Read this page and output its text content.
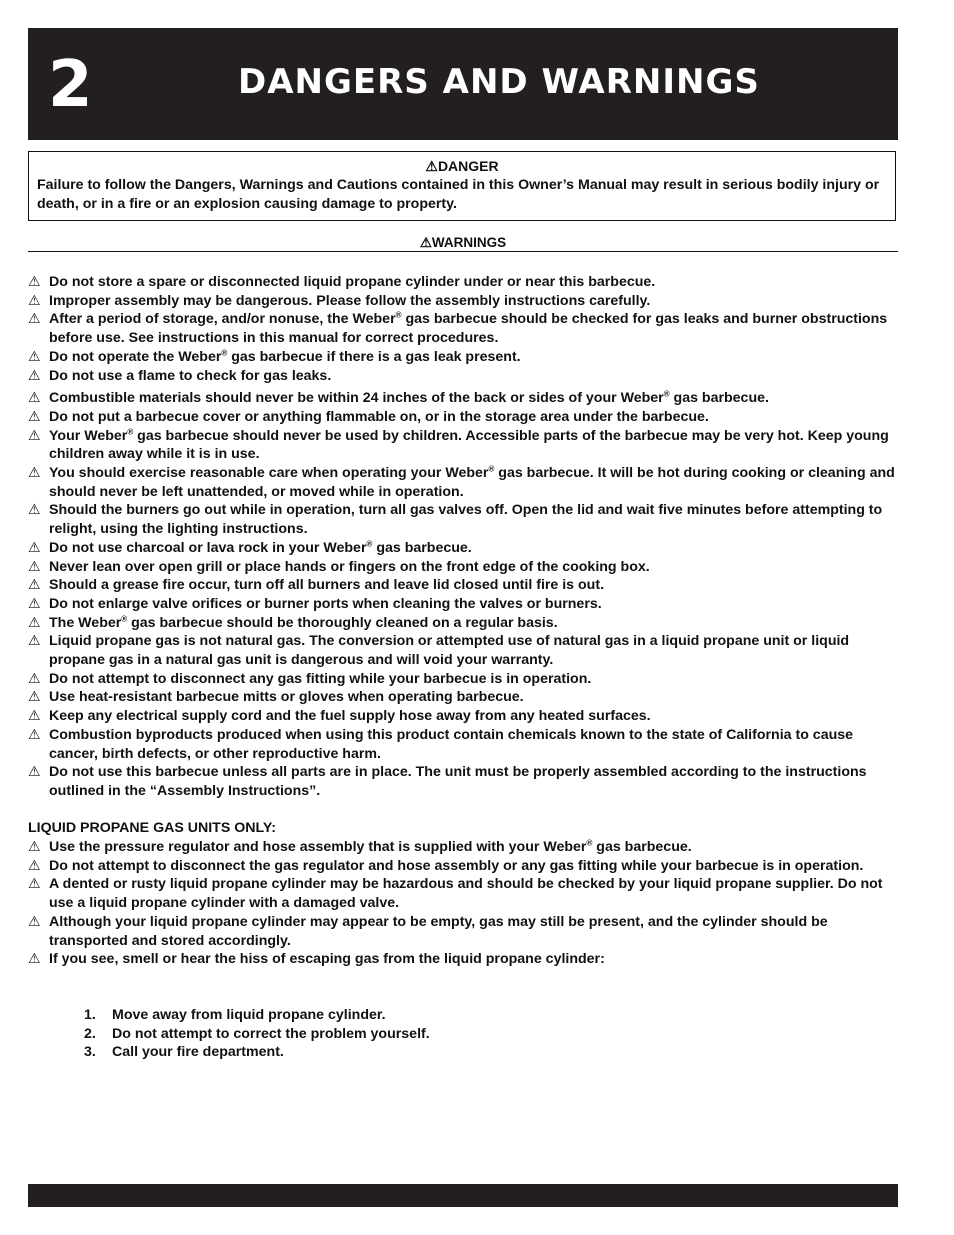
2	DANGERS AND WARNINGS
⚠DANGER
Failure to follow the Dangers, Warnings and Cautions contained in this Owner’s Manual may result in serious bodily injury or death, or in a fire or an explosion causing damage to property.
⚠WARNINGS
⚠ Do not store a spare or disconnected liquid propane cylinder under or near this barbecue.
⚠ Improper assembly may be dangerous. Please follow the assembly instructions carefully.
⚠ After a period of storage, and/or nonuse, the Weber® gas barbecue should be checked for gas leaks and burner obstructions before use. See instructions in this manual for correct procedures.
⚠ Do not operate the Weber® gas barbecue if there is a gas leak present.
⚠ Do not use a flame to check for gas leaks.
⚠ Combustible materials should never be within 24 inches of the back or sides of your Weber® gas barbecue.
⚠ Do not put a barbecue cover or anything flammable on, or in the storage area under the barbecue.
⚠ Your Weber® gas barbecue should never be used by children. Accessible parts of the barbecue may be very hot. Keep young children away while it is in use.
⚠ You should exercise reasonable care when operating your Weber® gas barbecue. It will be hot during cooking or cleaning and should never be left unattended, or moved while in operation.
⚠ Should the burners go out while in operation, turn all gas valves off. Open the lid and wait five minutes before attempting to relight, using the lighting instructions.
⚠ Do not use charcoal or lava rock in your Weber® gas barbecue.
⚠ Never lean over open grill or place hands or fingers on the front edge of the cooking box.
⚠ Should a grease fire occur, turn off all burners and leave lid closed until fire is out.
⚠ Do not enlarge valve orifices or burner ports when cleaning the valves or burners.
⚠ The Weber® gas barbecue should be thoroughly cleaned on a regular basis.
⚠ Liquid propane gas is not natural gas. The conversion or attempted use of natural gas in a liquid propane unit or liquid propane gas in a natural gas unit is dangerous and will void your warranty.
⚠ Do not attempt to disconnect any gas fitting while your barbecue is in operation.
⚠ Use heat-resistant barbecue mitts or gloves when operating barbecue.
⚠ Keep any electrical supply cord and the fuel supply hose away from any heated surfaces.
⚠ Combustion byproducts produced when using this product contain chemicals known to the state of California to cause cancer, birth defects, or other reproductive harm.
⚠ Do not use this barbecue unless all parts are in place. The unit must be properly assembled according to the instructions outlined in the “Assembly Instructions”.
LIQUID PROPANE GAS UNITS ONLY:
⚠ Use the pressure regulator and hose assembly that is supplied with your Weber® gas barbecue.
⚠ Do not attempt to disconnect the gas regulator and hose assembly or any gas fitting while your barbecue is in operation.
⚠ A dented or rusty liquid propane cylinder may be hazardous and should be checked by your liquid propane supplier. Do not use a liquid propane cylinder with a damaged valve.
⚠ Although your liquid propane cylinder may appear to be empty, gas may still be present, and the cylinder should be transported and stored accordingly.
⚠ If you see, smell or hear the hiss of escaping gas from the liquid propane cylinder:
1. Move away from liquid propane cylinder.
2. Do not attempt to correct the problem yourself.
3. Call your fire department.
